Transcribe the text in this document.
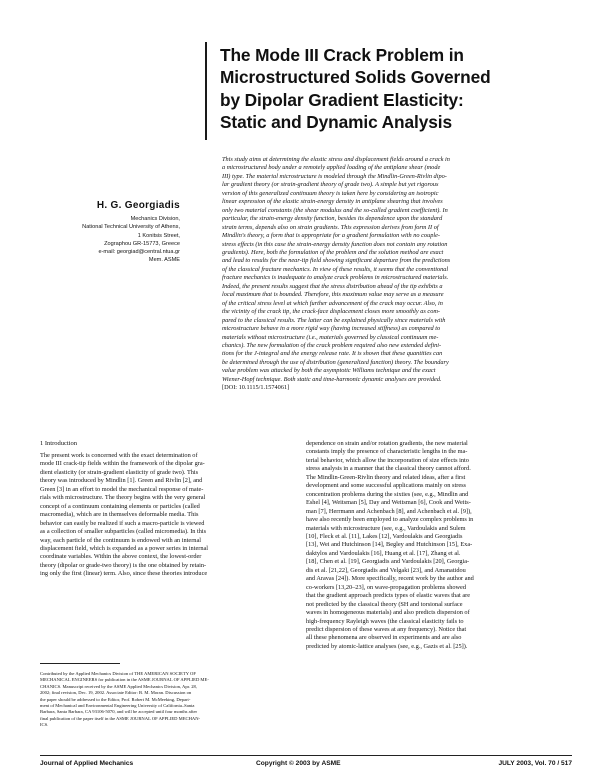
The Mode III Crack Problem in
Microstructured Solids Governed
by Dipolar Gradient Elasticity:
Static and Dynamic Analysis
H. G. Georgiadis
Mechanics Division,
National Technical University of Athens,
1 Konitsis Street,
Zographou GR-15773, Greece
e-mail: georgiad@central.ntua.gr
Mem. ASME
This study aims at determining the elastic stress and displacement fields around a crack in
a microstructured body under a remotely applied loading of the antiplane shear (mode
III) type. The material microstructure is modeled through the Mindlin-Green-Rivlin dipo-
lar gradient theory (or strain-gradient theory of grade two). A simple but yet rigorous
version of this generalized continuum theory is taken here by considering an isotropic
linear expression of the elastic strain-energy density in antiplane shearing that involves
only two material constants (the shear modulus and the so-called gradient coefficient). In
particular, the strain-energy density function, besides its dependence upon the standard
strain terms, depends also on strain gradients. This expression derives from form II of
Mindlin's theory, a form that is appropriate for a gradient formulation with no couple-
stress effects (in this case the strain-energy density function does not contain any rotation
gradients). Here, both the formulation of the problem and the solution method are exact
and lead to results for the near-tip field showing significant departure from the predictions
of the classical fracture mechanics. In view of these results, it seems that the conventional
fracture mechanics is inadequate to analyze crack problems in microstructured materials.
Indeed, the present results suggest that the stress distribution ahead of the tip exhibits a
local maximum that is bounded. Therefore, this maximum value may serve as a measure
of the critical stress level at which further advancement of the crack may occur. Also, in
the vicinity of the crack tip, the crack-face displacement closes more smoothly as com-
pared to the classical results. The latter can be explained physically since materials with
microstructure behave in a more rigid way (having increased stiffness) as compared to
materials without microstructure (i.e., materials governed by classical continuum me-
chanics). The new formulation of the crack problem required also new extended defini-
tions for the J-integral and the energy release rate. It is shown that these quantities can
be determined through the use of distribution (generalized function) theory. The boundary
value problem was attacked by both the asymptotic Williams technique and the exact
Wiener-Hopf technique. Both static and time-harmonic dynamic analyses are provided.
[DOI: 10.1115/1.1574061]
1 Introduction
The present work is concerned with the exact determination of
mode III crack-tip fields within the framework of the dipolar gra-
dient elasticity (or strain-gradient elasticity of grade two). This
theory was introduced by Mindlin [1]. Green and Rivlin [2], and
Green [3] in an effort to model the mechanical response of mate-
rials with microstructure. The theory begins with the very general
concept of a continuum containing elements or particles (called
macromedia), which are in themselves deformable media. This
behavior can easily be realized if such a macro-particle is viewed
as a collection of smaller subparticles (called micromedia). In this
way, each particle of the continuum is endowed with an internal
displacement field, which is expanded as a power series in internal
coordinate variables. Within the above context, the lowest-order
theory (dipolar or grade-two theory) is the one obtained by retain-
ing only the first (linear) term. Also, since these theories introduce
Contributed by the Applied Mechanics Division of THE AMERICAN SOCIETY OF
MECHANICAL ENGINEERS for publication in the ASME JOURNAL OF APPLIED ME-
CHANICS. Manuscript received by the ASME Applied Mechanics Division, Apr. 28,
2002; final revision, Dec. 19, 2002. Associate Editor: B. M. Moran. Discussion on
the paper should be addressed to the Editor, Prof. Robert M. McMeeking, Depart-
ment of Mechanical and Environmental Engineering University of California–Santa
Barbara, Santa Barbara, CA 93106-5070, and will be accepted until four months after
final publication of the paper itself in the ASME JOURNAL OF APPLIED MECHAN-
ICS.
dependence on strain and/or rotation gradients, the new material
constants imply the presence of characteristic lengths in the ma-
terial behavior, which allow the incorporation of size effects into
stress analysis in a manner that the classical theory cannot afford.
The Mindlin-Green-Rivlin theory and related ideas, after a first
development and some successful applications mainly on stress
concentration problems during the sixties (see, e.g., Mindlin and
Eshel [4], Weitsman [5], Day and Weitsman [6], Cook and Weits-
man [7], Herrmann and Achenbach [8], and Achenbach et al. [9]),
have also recently been employed to analyze complex problems in
materials with microstructure (see, e.g., Vardoulakis and Sulem
[10], Fleck et al. [11], Lakes [12], Vardoulakis and Georgiadis
[13], Wei and Hutchinson [14], Begley and Hutchinson [15], Exa-
daktylos and Vardoulakis [16], Huang et al. [17], Zhang et al.
[18], Chen et al. [19], Georgiadis and Vardoulakis [20], Georgia-
dis et al. [21,22], Georgiadis and Velgaki [23], and Amanatidou
and Aravas [24]). More specifically, recent work by the author and
co-workers [13,20–23], on wave-propagation problems showed
that the gradient approach predicts types of elastic waves that are
not predicted by the classical theory (SH and torsional surface
waves in homogeneous materials) and also predicts dispersion of
high-frequency Rayleigh waves (the classical elasticity fails to
predict dispersion of these waves at any frequency). Notice that
all these phenomena are observed in experiments and are also
predicted by atomic-lattice analyses (see, e.g., Gazis et al. [25]).
Journal of Applied Mechanics	Copyright © 2003 by ASME	JULY 2003, Vol. 70 / 517
